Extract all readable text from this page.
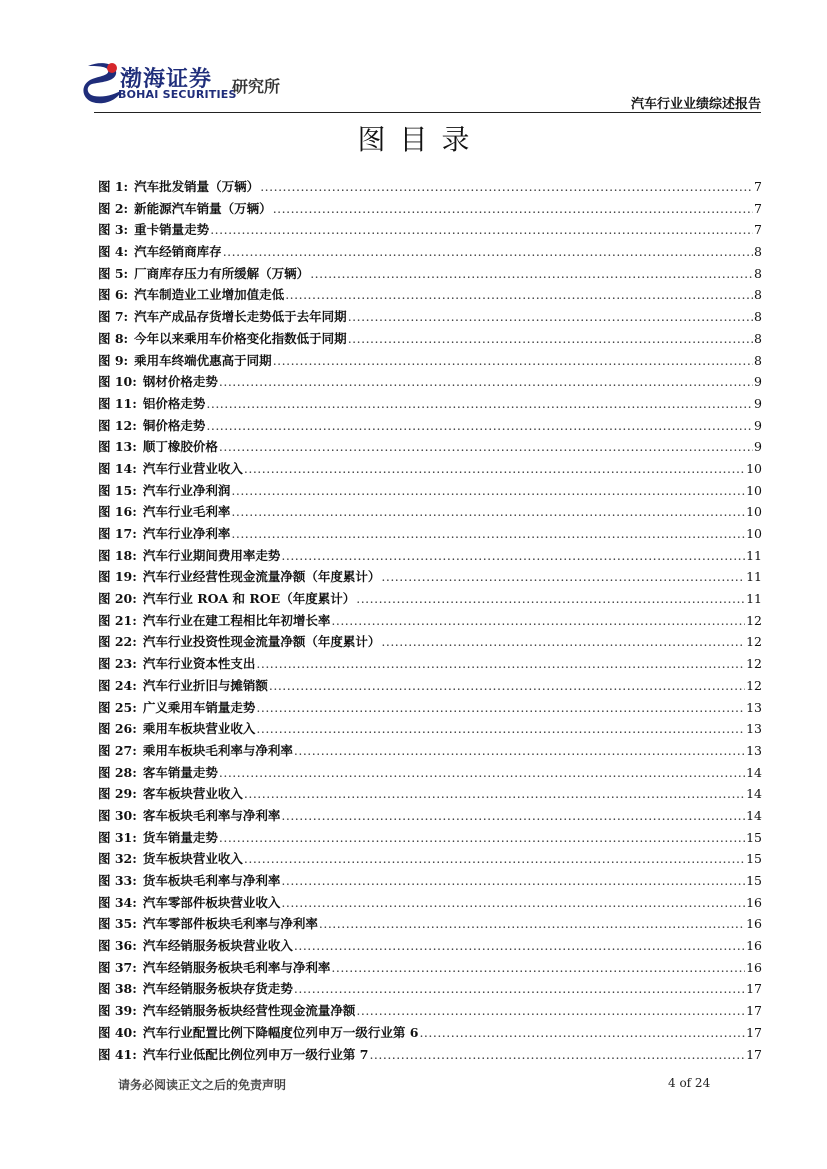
渤海证券
BOHAI SECURITIES
研究所
汽车行业业绩综述报告
图目录
图 1: 汽车批发销量（万辆） .....	7
图 2: 新能源汽车销量（万辆） .....	7
图 3: 重卡销量走势 .....	7
图 4: 汽车经销商库存 .....	8
图 5: 厂商库存压力有所缓解（万辆） .....	8
图 6: 汽车制造业工业增加值走低 .....	8
图 7: 汽车产成品存货增长走势低于去年同期 .....	8
图 8: 今年以来乘用车价格变化指数低于同期 .....	8
图 9: 乘用车终端优惠高于同期 .....	8
图 10: 钢材价格走势 .....	9
图 11: 铝价格走势 .....	9
图 12: 铜价格走势 .....	9
图 13: 顺丁橡胶价格 .....	9
图 14: 汽车行业营业收入 .....	10
图 15: 汽车行业净利润 .....	10
图 16: 汽车行业毛利率 .....	10
图 17: 汽车行业净利率 .....	10
图 18: 汽车行业期间费用率走势 .....	11
图 19: 汽车行业经营性现金流量净额（年度累计） .....	11
图 20: 汽车行业 ROA 和 ROE（年度累计） .....	11
图 21: 汽车行业在建工程相比年初增长率 .....	12
图 22: 汽车行业投资性现金流量净额（年度累计） .....	12
图 23: 汽车行业资本性支出 .....	12
图 24: 汽车行业折旧与摊销额 .....	12
图 25: 广义乘用车销量走势 .....	13
图 26: 乘用车板块营业收入 .....	13
图 27: 乘用车板块毛利率与净利率 .....	13
图 28: 客车销量走势 .....	14
图 29: 客车板块营业收入 .....	14
图 30: 客车板块毛利率与净利率 .....	14
图 31: 货车销量走势 .....	15
图 32: 货车板块营业收入 .....	15
图 33: 货车板块毛利率与净利率 .....	15
图 34: 汽车零部件板块营业收入 .....	16
图 35: 汽车零部件板块毛利率与净利率 .....	16
图 36: 汽车经销服务板块营业收入 .....	16
图 37: 汽车经销服务板块毛利率与净利率 .....	16
图 38: 汽车经销服务板块存货走势 .....	17
图 39: 汽车经销服务板块经营性现金流量净额 .....	17
图 40: 汽车行业配置比例下降幅度位列申万一级行业第 6 .....	17
图 41: 汽车行业低配比例位列申万一级行业第 7 .....	17
请务必阅读正文之后的免责声明	4 of 24
